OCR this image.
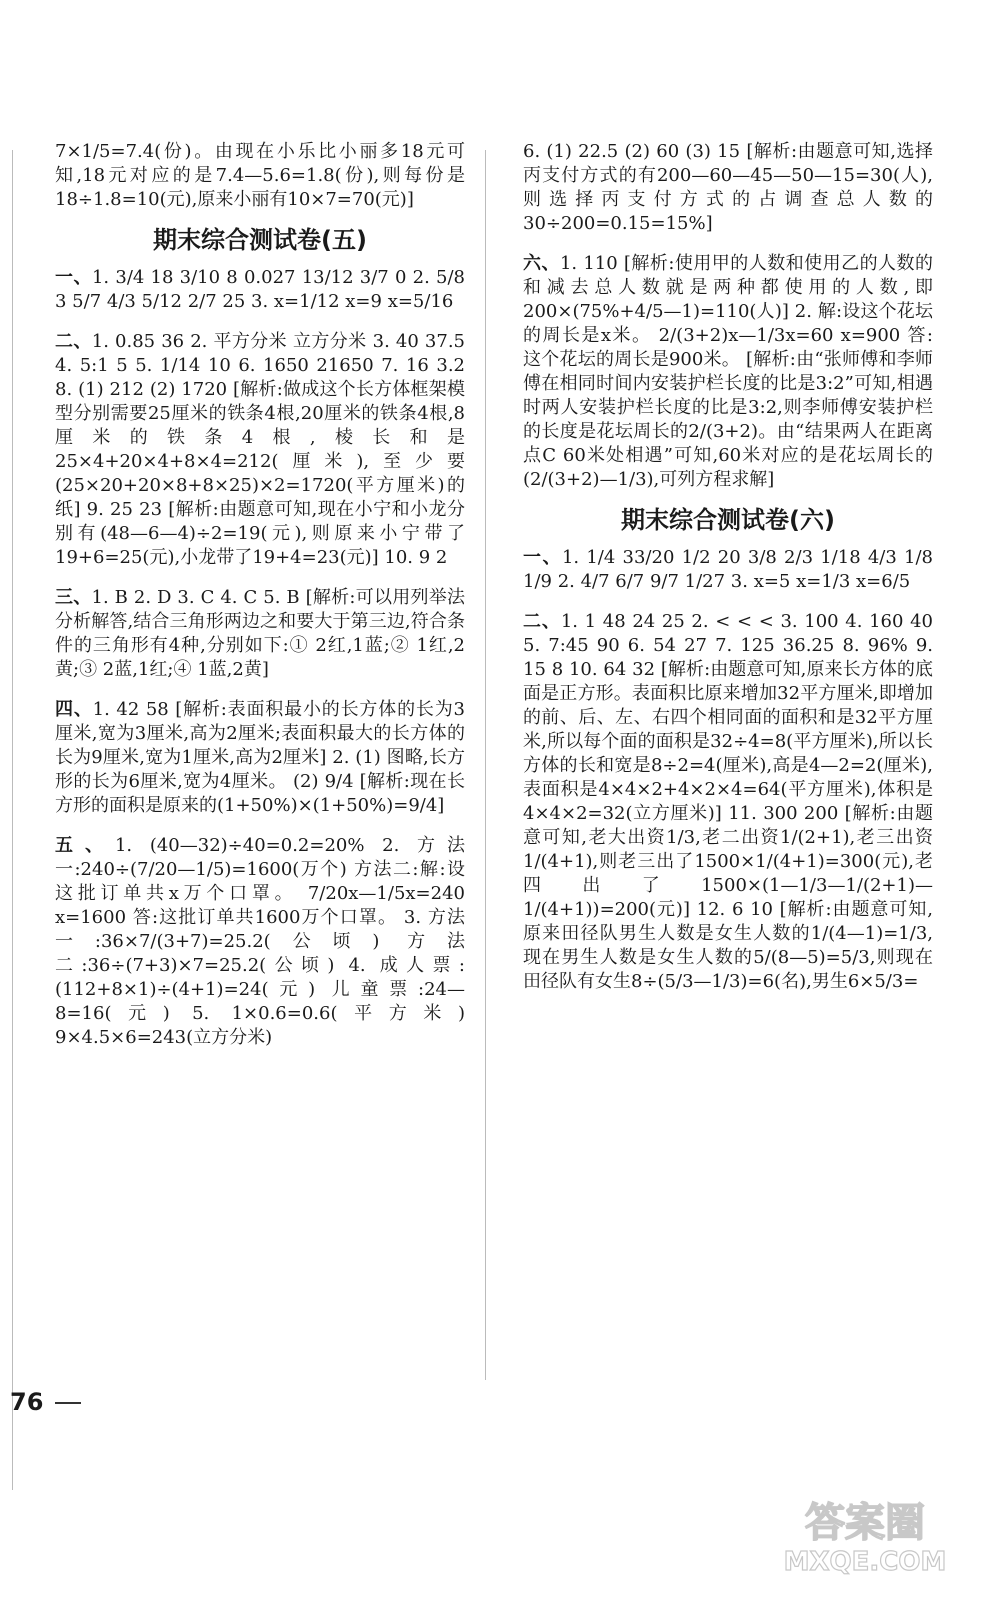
7×1/5=7.4(份)。由现在小乐比小丽多18元可知,18元对应的是7.4—5.6=1.8(份),则每份是18÷1.8=10(元),原来小丽有10×7=70(元)]

期末综合测试卷(五)

一、1. 3/4 18 3/10 8 0.027 13/12 3/7 0 2. 5/8 3 5/7 4/3 5/12 2/7 25 3. x=1/12 x=9 x=5/16

二、1. 0.85 36 2. 平方分米 立方分米 3. 40 37.5 4. 5:1 5 5. 1/14 10 6. 1650 21650 7. 16 3.2 8. (1) 212 (2) 1720 [解析:做成这个长方体框架模型分别需要25厘米的铁条4根,20厘米的铁条4根,8厘米的铁条4根,棱长和是25×4+20×4+8×4=212(厘米),至少要(25×20+20×8+8×25)×2=1720(平方厘米)的纸] 9. 25 23 [解析:由题意可知,现在小宁和小龙分别有(48—6—4)÷2=19(元),则原来小宁带了19+6=25(元),小龙带了19+4=23(元)] 10. 9 2

三、1. B 2. D 3. C 4. C 5. B [解析:可以用列举法分析解答,结合三角形两边之和要大于第三边,符合条件的三角形有4种,分别如下:① 2红,1蓝;② 1红,2黄;③ 2蓝,1红;④ 1蓝,2黄]

四、1. 42 58 [解析:表面积最小的长方体的长为3厘米,宽为3厘米,高为2厘米;表面积最大的长方体的长为9厘米,宽为1厘米,高为2厘米] 2. (1) 图略,长方形的长为6厘米,宽为4厘米。 (2) 9/4 [解析:现在长方形的面积是原来的(1+50%)×(1+50%)=9/4]

五、1. (40—32)÷40=0.2=20% 2. 方法一:240÷(7/20—1/5)=1600(万个) 方法二:解:设这批订单共x万个口罩。 7/20x—1/5x=240 x=1600 答:这批订单共1600万个口罩。 3. 方法一:36×7/(3+7)=25.2(公顷) 方法二:36÷(7+3)×7=25.2(公顷) 4. 成人票:(112+8×1)÷(4+1)=24(元) 儿童票:24—8=16(元) 5. 1×0.6=0.6(平方米) 9×4.5×6=243(立方分米)

6. (1) 22.5 (2) 60 (3) 15 [解析:由题意可知,选择丙支付方式的有200—60—45—50—15=30(人),则选择丙支付方式的占调查总人数的30÷200=0.15=15%]

六、1. 110 [解析:使用甲的人数和使用乙的人数的和减去总人数就是两种都使用的人数,即200×(75%+4/5—1)=110(人)] 2. 解:设这个花坛的周长是x米。 2/(3+2)x—1/3x=60 x=900 答:这个花坛的周长是900米。 [解析:由“张师傅和李师傅在相同时间内安装护栏长度的比是3:2”可知,相遇时两人安装护栏长度的比是3:2,则李师傅安装护栏的长度是花坛周长的2/(3+2)。由“结果两人在距离点C 60米处相遇”可知,60米对应的是花坛周长的(2/(3+2)—1/3),可列方程求解]

期末综合测试卷(六)

一、1. 1/4 33/20 1/2 20 3/8 2/3 1/18 4/3 1/8 1/9 2. 4/7 6/7 9/7 1/27 3. x=5 x=1/3 x=6/5

二、1. 1 48 24 25 2. < < < 3. 100 4. 160 40 5. 7:45 90 6. 54 27 7. 125 36.25 8. 96% 9. 15 8 10. 64 32 [解析:由题意可知,原来长方体的底面是正方形。表面积比原来增加32平方厘米,即增加的前、后、左、右四个相同面的面积和是32平方厘米,所以每个面的面积是32÷4=8(平方厘米),所以长方体的长和宽是8÷2=4(厘米),高是4—2=2(厘米),表面积是4×4×2+4×2×4=64(平方厘米),体积是4×4×2=32(立方厘米)] 11. 300 200 [解析:由题意可知,老大出资1/3,老二出资1/(2+1),老三出资1/(4+1),则老三出了1500×1/(4+1)=300(元),老四出了1500×(1—1/3—1/(2+1)—1/(4+1))=200(元)] 12. 6 10 [解析:由题意可知,原来田径队男生人数是女生人数的1/(4—1)=1/3,现在男生人数是女生人数的5/(8—5)=5/3,则现在田径队有女生8÷(5/3—1/3)=6(名),男生6×5/3=

76
答案圈
MXQE.COM
